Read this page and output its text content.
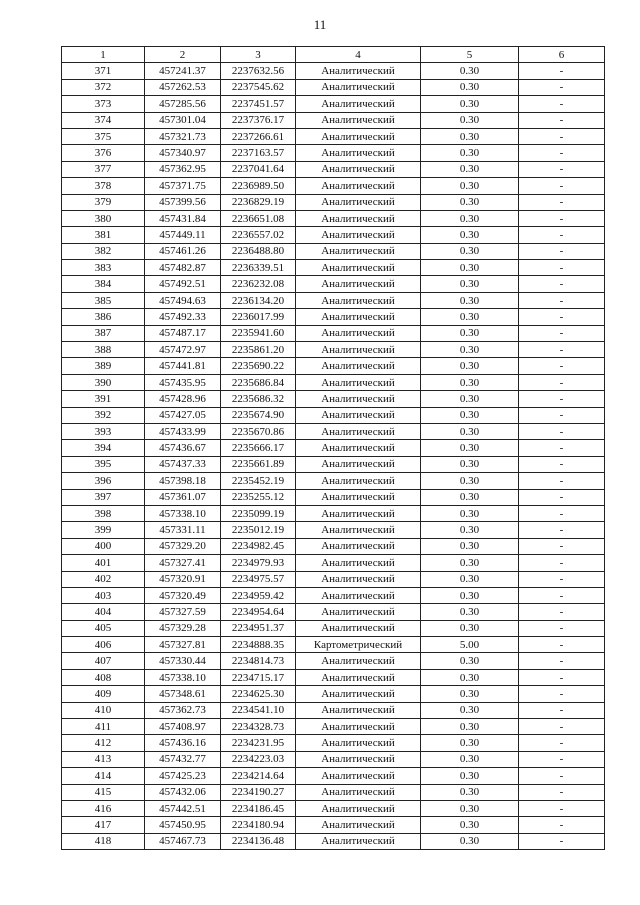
11
1	2	3	4	5	6
371	457241.37	2237632.56	Аналитический	0.30	-
372	457262.53	2237545.62	Аналитический	0.30	-
373	457285.56	2237451.57	Аналитический	0.30	-
374	457301.04	2237376.17	Аналитический	0.30	-
375	457321.73	2237266.61	Аналитический	0.30	-
376	457340.97	2237163.57	Аналитический	0.30	-
377	457362.95	2237041.64	Аналитический	0.30	-
378	457371.75	2236989.50	Аналитический	0.30	-
379	457399.56	2236829.19	Аналитический	0.30	-
380	457431.84	2236651.08	Аналитический	0.30	-
381	457449.11	2236557.02	Аналитический	0.30	-
382	457461.26	2236488.80	Аналитический	0.30	-
383	457482.87	2236339.51	Аналитический	0.30	-
384	457492.51	2236232.08	Аналитический	0.30	-
385	457494.63	2236134.20	Аналитический	0.30	-
386	457492.33	2236017.99	Аналитический	0.30	-
387	457487.17	2235941.60	Аналитический	0.30	-
388	457472.97	2235861.20	Аналитический	0.30	-
389	457441.81	2235690.22	Аналитический	0.30	-
390	457435.95	2235686.84	Аналитический	0.30	-
391	457428.96	2235686.32	Аналитический	0.30	-
392	457427.05	2235674.90	Аналитический	0.30	-
393	457433.99	2235670.86	Аналитический	0.30	-
394	457436.67	2235666.17	Аналитический	0.30	-
395	457437.33	2235661.89	Аналитический	0.30	-
396	457398.18	2235452.19	Аналитический	0.30	-
397	457361.07	2235255.12	Аналитический	0.30	-
398	457338.10	2235099.19	Аналитический	0.30	-
399	457331.11	2235012.19	Аналитический	0.30	-
400	457329.20	2234982.45	Аналитический	0.30	-
401	457327.41	2234979.93	Аналитический	0.30	-
402	457320.91	2234975.57	Аналитический	0.30	-
403	457320.49	2234959.42	Аналитический	0.30	-
404	457327.59	2234954.64	Аналитический	0.30	-
405	457329.28	2234951.37	Аналитический	0.30	-
406	457327.81	2234888.35	Картометрический	5.00	-
407	457330.44	2234814.73	Аналитический	0.30	-
408	457338.10	2234715.17	Аналитический	0.30	-
409	457348.61	2234625.30	Аналитический	0.30	-
410	457362.73	2234541.10	Аналитический	0.30	-
411	457408.97	2234328.73	Аналитический	0.30	-
412	457436.16	2234231.95	Аналитический	0.30	-
413	457432.77	2234223.03	Аналитический	0.30	-
414	457425.23	2234214.64	Аналитический	0.30	-
415	457432.06	2234190.27	Аналитический	0.30	-
416	457442.51	2234186.45	Аналитический	0.30	-
417	457450.95	2234180.94	Аналитический	0.30	-
418	457467.73	2234136.48	Аналитический	0.30	-
